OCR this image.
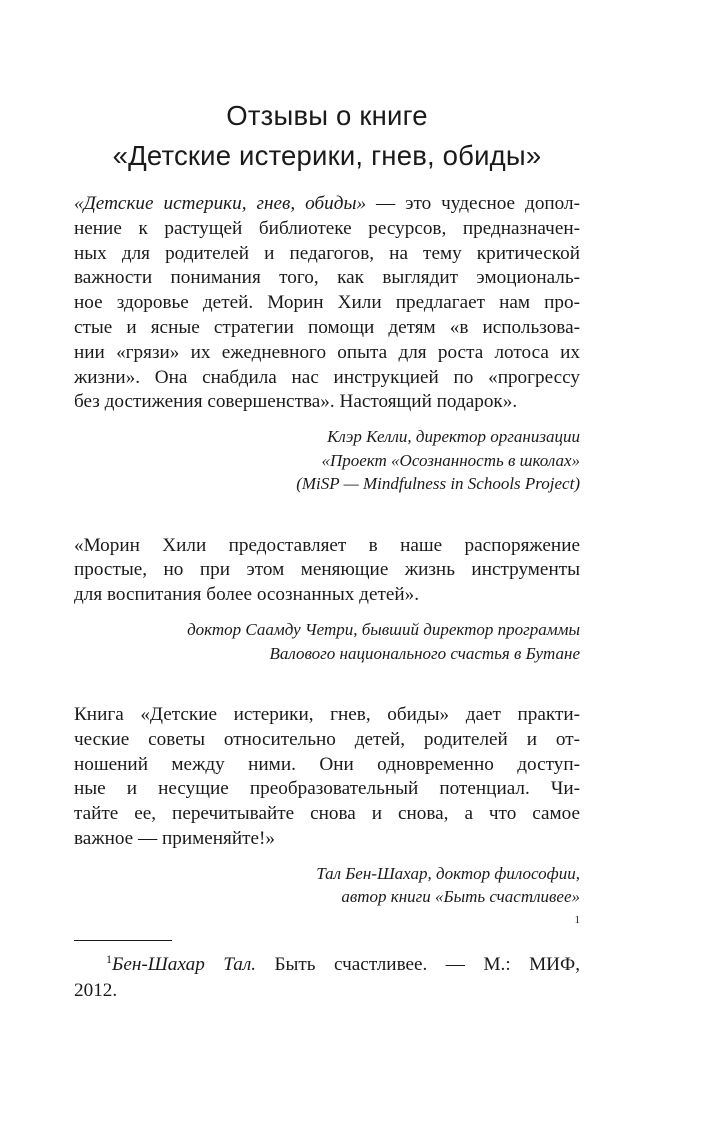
Отзывы о книге
«Детские истерики, гнев, обиды»

«Детские истерики, гнев, обиды» — это чудесное допол-
нение к растущей библиотеке ресурсов, предназначен-
ных для родителей и педагогов, на тему критической
важности понимания того, как выглядит эмоциональ-
ное здоровье детей. Морин Хили предлагает нам про-
стые и ясные стратегии помощи детям «в использова-
нии «грязи» их ежедневного опыта для роста лотоса их
жизни». Она снабдила нас инструкцией по «прогрессу
без достижения совершенства». Настоящий подарок».

Клэр Келли, директор организации
«Проект «Осознанность в школах»
(MiSP — Mindfulness in Schools Project)

«Морин Хили предоставляет в наше распоряжение
простые, но при этом меняющие жизнь инструменты
для воспитания более осознанных детей».

доктор Саамду Четри, бывший директор программы
Валового национального счастья в Бутане

Книга «Детские истерики, гнев, обиды» дает практи-
ческие советы относительно детей, родителей и от-
ношений между ними. Они одновременно доступ-
ные и несущие преобразовательный потенциал. Чи-
тайте ее, перечитывайте снова и снова, а что самое
важное — применяйте!»

Тал Бен-Шахар, доктор философии,
автор книги «Быть счастливее»
1
$^1$Бен-Шахар Тал. Быть счастливее. — М.: МИФ,
2012.
